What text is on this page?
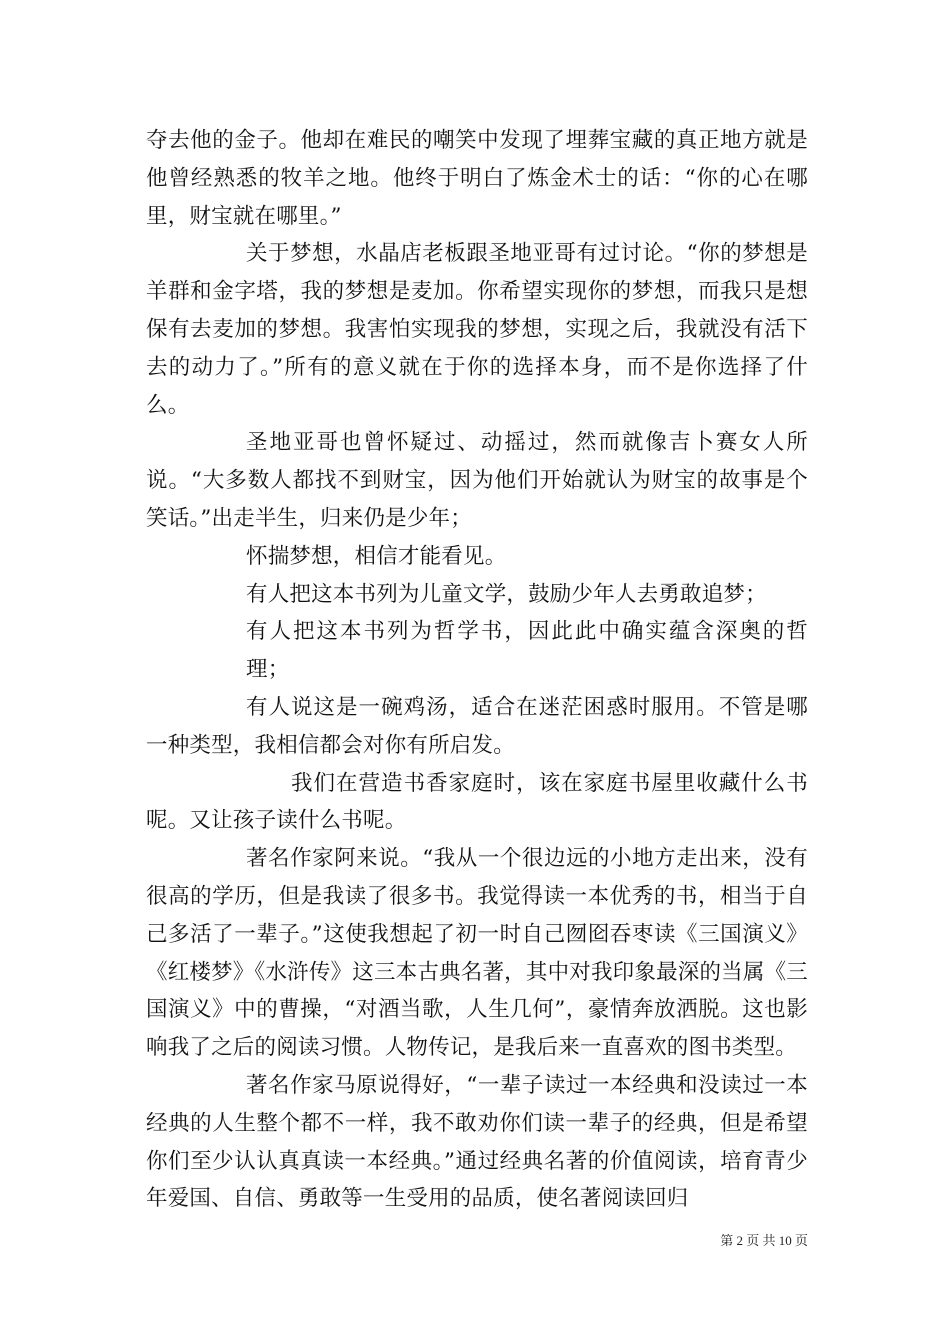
夺去他的金子。他却在难民的嘲笑中发现了埋葬宝藏的真正地方就是他曾经熟悉的牧羊之地。他终于明白了炼金术士的话：“你的心在哪里，财宝就在哪里。”

关于梦想，水晶店老板跟圣地亚哥有过讨论。“你的梦想是羊群和金字塔，我的梦想是麦加。你希望实现你的梦想，而我只是想保有去麦加的梦想。我害怕实现我的梦想，实现之后，我就没有活下去的动力了。”所有的意义就在于你的选择本身，而不是你选择了什么。

圣地亚哥也曾怀疑过、动摇过，然而就像吉卜赛女人所说。“大多数人都找不到财宝，因为他们开始就认为财宝的故事是个笑话。”出走半生，归来仍是少年；

怀揣梦想，相信才能看见。

有人把这本书列为儿童文学，鼓励少年人去勇敢追梦；

有人把这本书列为哲学书，因此此中确实蕴含深奥的哲理；

有人说这是一碗鸡汤，适合在迷茫困惑时服用。不管是哪一种类型，我相信都会对你有所启发。

我们在营造书香家庭时，该在家庭书屋里收藏什么书呢。又让孩子读什么书呢。

著名作家阿来说。“我从一个很边远的小地方走出来，没有很高的学历，但是我读了很多书。我觉得读一本优秀的书，相当于自己多活了一辈子。”这使我想起了初一时自己囫囵吞枣读《三国演义》《红楼梦》《水浒传》这三本古典名著，其中对我印象最深的当属《三国演义》中的曹操，“对酒当歌，人生几何”，豪情奔放洒脱。这也影响我了之后的阅读习惯。人物传记，是我后来一直喜欢的图书类型。

著名作家马原说得好，“一辈子读过一本经典和没读过一本经典的人生整个都不一样，我不敢劝你们读一辈子的经典，但是希望你们至少认认真真读一本经典。”通过经典名著的价值阅读，培育青少年爱国、自信、勇敢等一生受用的品质，使名著阅读回归

第 2 页 共 10 页
